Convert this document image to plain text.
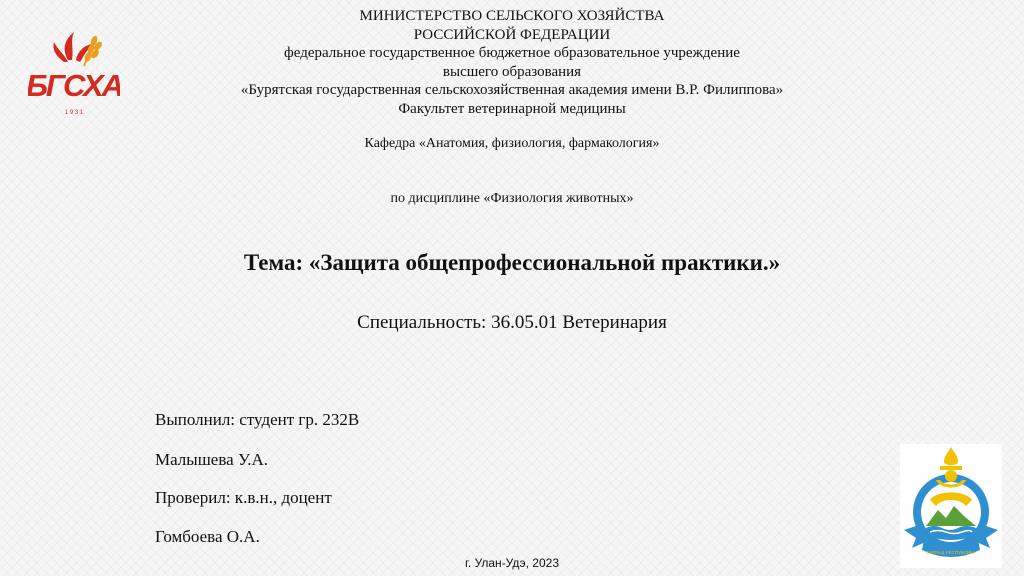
БГСХА
1 9 3 1
МИНИСТЕРСТВО СЕЛЬСКОГО ХОЗЯЙСТВА
РОССИЙСКОЙ ФЕДЕРАЦИИ
федеральное государственное бюджетное образовательное учреждение
высшего образования
«Бурятская государственная сельскохозяйственная академия имени В.Р. Филиппова»
Факультет ветеринарной медицины
Кафедра «Анатомия, физиология, фармакология»
по дисциплине «Физиология животных»
Тема: «Защита общепрофессиональной практики.»
Специальность: 36.05.01 Ветеринария
Выполнил: студент гр. 232В
Малышева У.А.
Проверил: к.в.н., доцент
Гомбоева О.А.
г. Улан-Удэ, 2023
БУРЯАД РЕСПУБЛИКА
